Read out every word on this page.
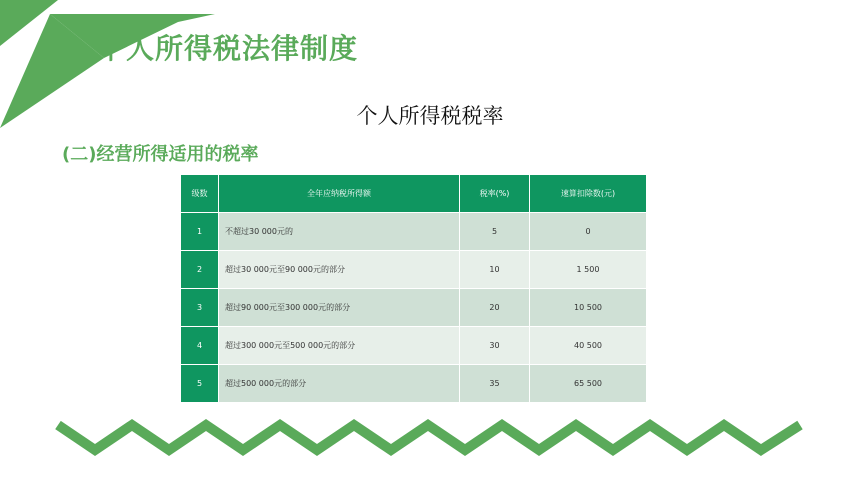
个人所得税法律制度
个人所得税税率
(二)经营所得适用的税率
级数	全年应纳税所得额	税率(%)	速算扣除数(元)
1	不超过30 000元的	5	0
2	超过30 000元至90 000元的部分	10	1 500
3	超过90 000元至300 000元的部分	20	10 500
4	超过300 000元至500 000元的部分	30	40 500
5	超过500 000元的部分	35	65 500
